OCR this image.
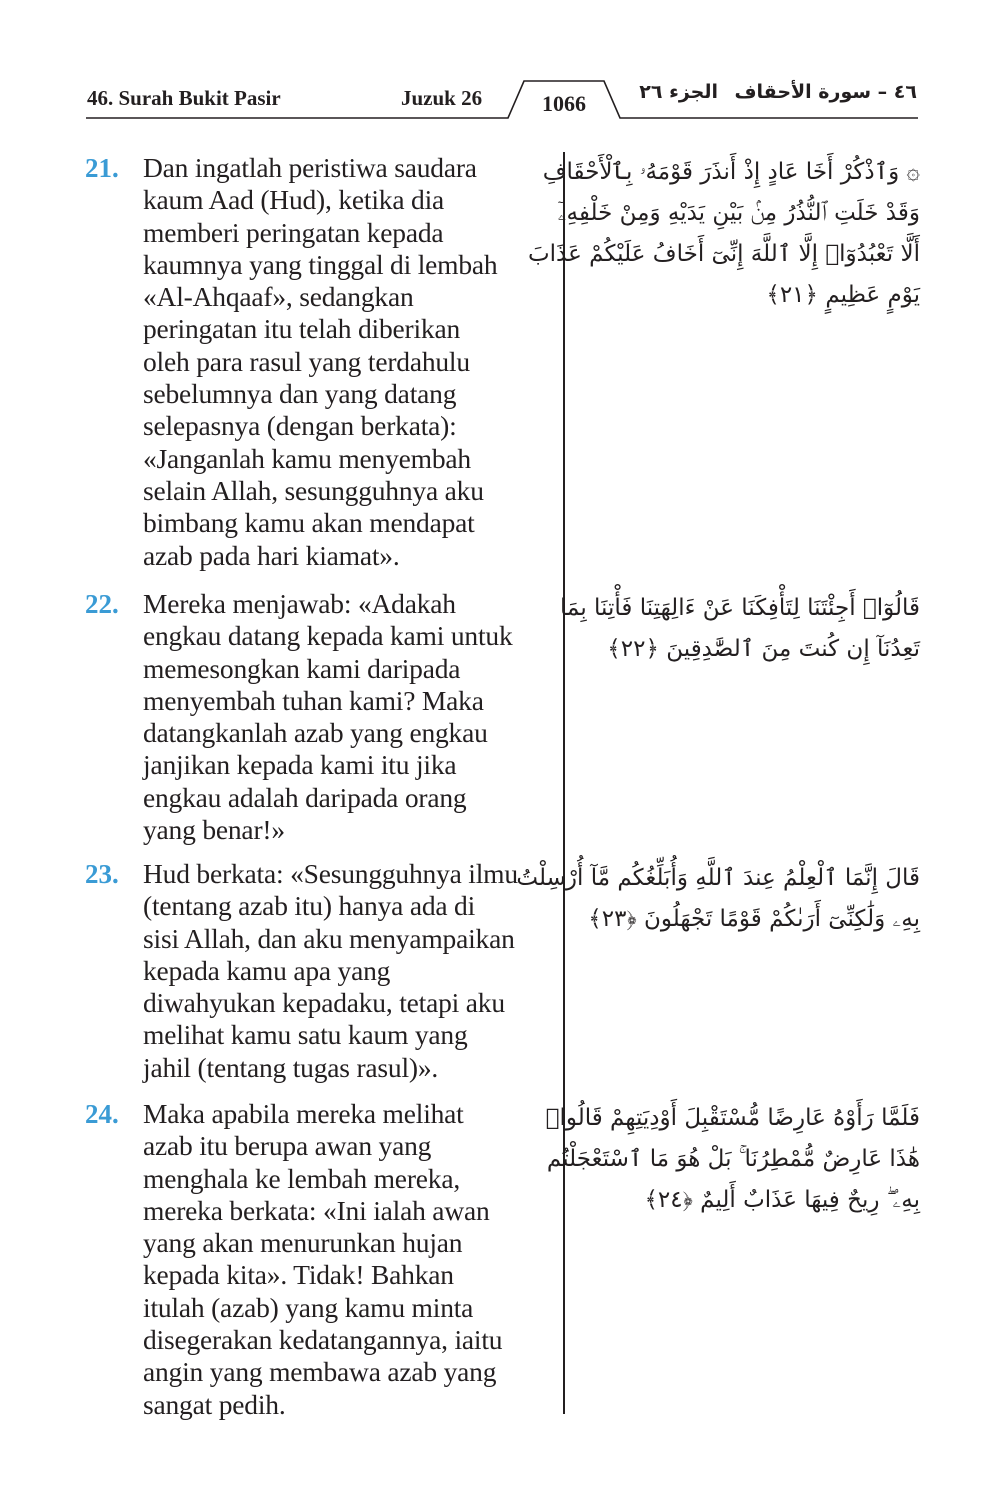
46. Surah Bukit Pasir	Juzuk 26	1066	الجزء ٢٦ ٤٦ – سورة الأحقاف
21. Dan ingatlah peristiwa saudara
kaum Aad (Hud), ketika dia
memberi peringatan kepada
kaumnya yang tinggal di lembah
«Al-Ahqaaf», sedangkan
peringatan itu telah diberikan
oleh para rasul yang terdahulu
sebelumnya dan yang datang
selepasnya (dengan berkata):
«Janganlah kamu menyembah
selain Allah, sesungguhnya aku
bimbang kamu akan mendapat
azab pada hari kiamat».
۞ وَٱذْكُرْ أَخَا عَادٍ إِذْ أَنذَرَ قَوْمَهُۥ بِٱلْأَحْقَافِ
وَقَدْ خَلَتِ ٱلنُّذُرُ مِنۢ بَيْنِ يَدَيْهِ وَمِنْ خَلْفِهِۦٓ
أَلَّا تَعْبُدُوٓا۟ إِلَّا ٱللَّهَ إِنِّىٓ أَخَافُ عَلَيْكُمْ عَذَابَ
يَوْمٍ عَظِيمٍ ﴿٢١﴾
22. Mereka menjawab: «Adakah
engkau datang kepada kami untuk
memesongkan kami daripada
menyembah tuhan kami? Maka
datangkanlah azab yang engkau
janjikan kepada kami itu jika
engkau adalah daripada orang
yang benar!»
قَالُوٓا۟ أَجِئْتَنَا لِتَأْفِكَنَا عَنْ ءَالِهَتِنَا فَأْتِنَا بِمَا
تَعِدُنَآ إِن كُنتَ مِنَ ٱلصَّٰدِقِينَ ﴿٢٢﴾
23. Hud berkata: «Sesungguhnya ilmu
(tentang azab itu) hanya ada di
sisi Allah, dan aku menyampaikan
kepada kamu apa yang
diwahyukan kepadaku, tetapi aku
melihat kamu satu kaum yang
jahil (tentang tugas rasul)».
قَالَ إِنَّمَا ٱلْعِلْمُ عِندَ ٱللَّهِ وَأُبَلِّغُكُم مَّآ أُرْسِلْتُ
بِهِۦ وَلَٰكِنِّىٓ أَرَىٰكُمْ قَوْمًا تَجْهَلُونَ ﴿٢٣﴾
24. Maka apabila mereka melihat
azab itu berupa awan yang
menghala ke lembah mereka,
mereka berkata: «Ini ialah awan
yang akan menurunkan hujan
kepada kita». Tidak! Bahkan
itulah (azab) yang kamu minta
disegerakan kedatangannya, iaitu
angin yang membawa azab yang
sangat pedih.
فَلَمَّا رَأَوْهُ عَارِضًا مُّسْتَقْبِلَ أَوْدِيَتِهِمْ قَالُوا۟
هَٰذَا عَارِضٌ مُّمْطِرُنَا ۚ بَلْ هُوَ مَا ٱسْتَعْجَلْتُم
بِهِۦ ۖ رِيحٌ فِيهَا عَذَابٌ أَلِيمٌ ﴿٢٤﴾
